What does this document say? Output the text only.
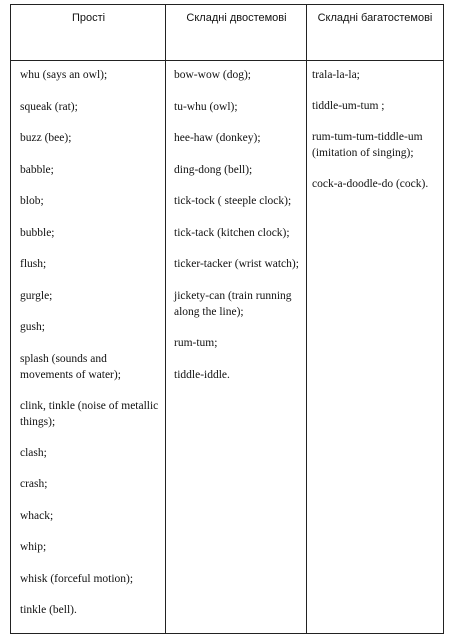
Прості	Складні двостемові	Складні багатостемові
whu (says an owl);
squeak (rat);
buzz (bee);
babble;
blob;
bubble;
flush;
gurgle;
gush;
splash (sounds and movements of water);
clink, tinkle (noise of metallic things);
clash;
crash;
whack;
whip;
whisk (forceful motion);
tinkle (bell).
bow-wow (dog);
tu-whu (owl);
hee-haw (donkey);
ding-dong (bell);
tick-tock ( steeple clock);
tick-tack (kitchen clock);
ticker-tacker (wrist watch);
jickety-can (train running along the line);
rum-tum;
tiddle-iddle.
trala-la-la;
tiddle-um-tum ;
rum-tum-tum-tiddle-um (imitation of singing);
cock-a-doodle-do (cock).
